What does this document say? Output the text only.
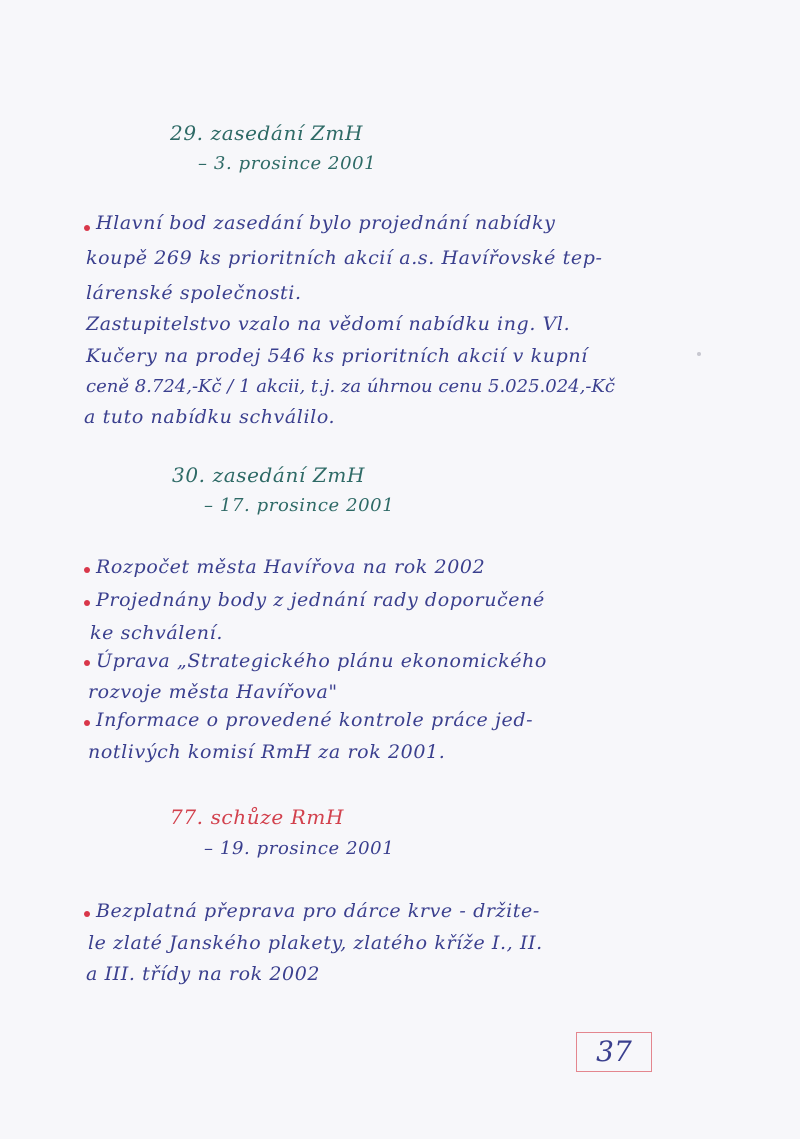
29. zasedání ZmH
– 3. prosince 2001
Hlavní bod zasedání bylo projednání nabídky
koupě 269 ks prioritních akcií a.s. Havířovské tep-
lárenské společnosti.
Zastupitelstvo vzalo na vědomí nabídku ing. Vl.
Kučery na prodej 546 ks prioritních akcií v kupní
ceně 8.724,-Kč / 1 akcii, t.j. za úhrnou cenu 5.025.024,-Kč
a tuto nabídku schválilo.
30. zasedání ZmH
– 17. prosince 2001
Rozpočet města Havířova na rok 2002
Projednány body z jednání rady doporučené
ke schválení.
Úprava „Strategického plánu ekonomického
rozvoje města Havířova"
Informace o provedené kontrole práce jed-
notlivých komisí RmH za rok 2001.
77. schůze RmH
– 19. prosince 2001
Bezplatná přeprava pro dárce krve - držite-
le zlaté Janského plakety, zlatého kříže I., II.
a III. třídy na rok 2002
37
